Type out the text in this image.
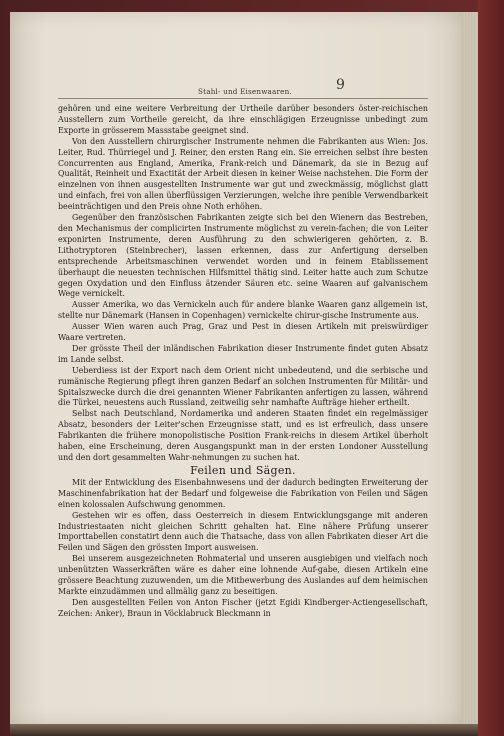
Stahl- und Eisenwaaren.	9

gehören und eine weitere Verbreitung der Urtheile darüber besonders öster-reichischen Ausstellern zum Vortheile gereicht, da ihre einschlägigen Erzeugnisse unbedingt zum Exporte in grösserem Massstabe geeignet sind.

Von den Ausstellern chirurgischer Instrumente nehmen die Fabrikanten aus Wien: Jos. Leiter, Rud. Thürriegel und J. Reiner, den ersten Rang ein. Sie erreichen selbst ihre besten Concurrenten aus England, Amerika, Frank-reich und Dänemark, da sie in Bezug auf Qualität, Reinheit und Exactität der Arbeit diesen in keiner Weise nachstehen. Die Form der einzelnen von ihnen ausgestellten Instrumente war gut und zweckmässig, möglichst glatt und einfach, frei von allen überflüssigen Verzierungen, welche ihre penible Verwendbarkeit beeinträchtigen und den Preis ohne Noth erhöhen.

Gegenüber den französischen Fabrikanten zeigte sich bei den Wienern das Bestreben, den Mechanismus der complicirten Instrumente möglichst zu verein-fachen; die von Leiter exponirten Instrumente, deren Ausführung zu den schwierigeren gehörten, z. B. Lithotryptoren (Steinbrecher), lassen erkennen, dass zur Anfertigung derselben entsprechende Arbeitsmaschinen verwendet worden und in feinem Etablissement überhaupt die neuesten technischen Hilfsmittel thätig sind. Leiter hatte auch zum Schutze gegen Oxydation und den Einfluss ätzender Säuren etc. seine Waaren auf galvanischem Wege vernickelt.

Ausser Amerika, wo das Vernickeln auch für andere blanke Waaren ganz allgemein ist, stellte nur Dänemark (Hansen in Copenhagen) vernickelte chirur-gische Instrumente aus.

Ausser Wien waren auch Prag, Graz und Pest in diesen Artikeln mit preiswürdiger Waare vertreten.

Der grösste Theil der inländischen Fabrikation dieser Instrumente findet guten Absatz im Lande selbst.

Ueberdiess ist der Export nach dem Orient nicht unbedeutend, und die serbische und rumänische Regierung pflegt ihren ganzen Bedarf an solchen Instrumenten für Militär- und Spitalszwecke durch die drei genannten Wiener Fabrikanten anfertigen zu lassen, während die Türkei, neuestens auch Russland, zeitweilig sehr namhafte Aufträge hieher ertheilt.

Selbst nach Deutschland, Nordamerika und anderen Staaten findet ein regelmässiger Absatz, besonders der Leiter'schen Erzeugnisse statt, und es ist erfreulich, dass unsere Fabrikanten die frühere monopolistische Position Frank-reichs in diesem Artikel überholt haben, eine Erscheinung, deren Ausgangspunkt man in der ersten Londoner Ausstellung und den dort gesammelten Wahr-nehmungen zu suchen hat.

Feilen und Sägen.

Mit der Entwicklung des Eisenbahnwesens und der dadurch bedingten Erweiterung der Maschinenfabrikation hat der Bedarf und folgeweise die Fabrikation von Feilen und Sägen einen kolossalen Aufschwung genommen.

Gestehen wir es offen, dass Oesterreich in diesem Entwicklungsgange mit anderen Industriestaaten nicht gleichen Schritt gehalten hat. Eine nähere Prüfung unserer Importtabellen constatirt denn auch die Thatsache, dass von allen Fabrikaten dieser Art die Feilen und Sägen den grössten Import ausweisen.

Bei unserem ausgezeichneten Rohmaterial und unseren ausgiebigen und vielfach noch unbenützten Wasserkräften wäre es daher eine lohnende Auf-gabe, diesen Artikeln eine grössere Beachtung zuzuwenden, um die Mitbewerbung des Auslandes auf dem heimischen Markte einzudämmen und allmälig ganz zu beseitigen.

Den ausgestellten Feilen von Anton Fischer (jetzt Egidi Kindberger-Actiengesellschaft, Zeichen: Anker), Braun in Vöcklabruck Bleckmann in
